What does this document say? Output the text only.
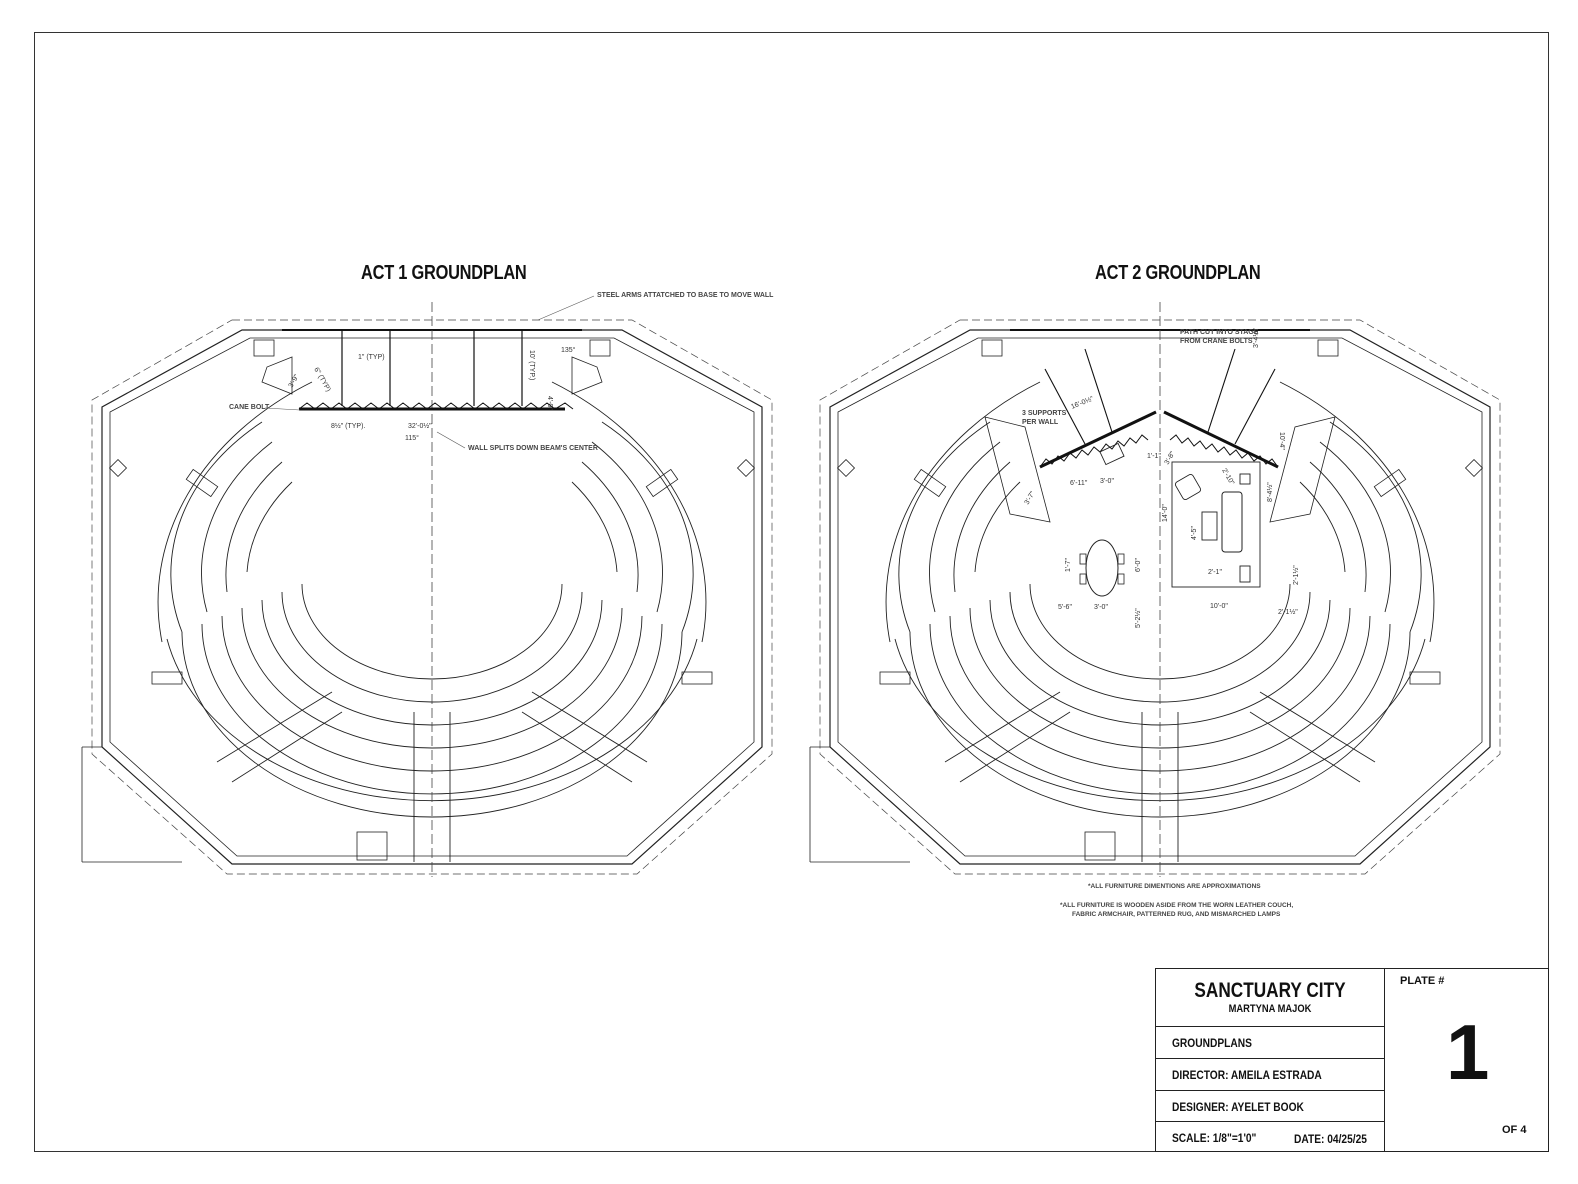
ACT 1 GROUNDPLAN	ACT 2 GROUNDPLAN
STEEL ARMS ATTATCHED TO BASE TO MOVE WALL
CANE BOLT
WALL SPLITS DOWN BEAM'S CENTER
1" (TYP)
6" (TYP)	10' (TYP.)	135°
115°
3'-9"
4'-0"
32'-0½"
8½" (TYP).
PATH CUT INTO STAGE
FROM CRANE BOLTS
3 SUPPORTS
PER WALL
16'-0½"
6'-11" 3'-0"
3'-7"
1'-1" 3'-8"
2'-10"
10'-4"
8'-4½"
14'-0"
4'-5"
2'-1"	2'-1½"
10'-0"
2'-1½"
1'-7"	6'-0"
5'-6"	3'-0"
5'-2½"
3'-4½"
*ALL FURNITURE DIMENTIONS ARE APPROXIMATIONS
*ALL FURNITURE IS WOODEN ASIDE FROM THE WORN LEATHER COUCH,
FABRIC ARMCHAIR, PATTERNED RUG, AND MISMARCHED LAMPS
SANCTUARY CITY
MARTYNA MAJOK
GROUNDPLANS
DIRECTOR: AMEILA ESTRADA
DESIGNER: AYELET BOOK
SCALE: 1/8"=1'0"	DATE: 04/25/25
PLATE #
1
OF 4
